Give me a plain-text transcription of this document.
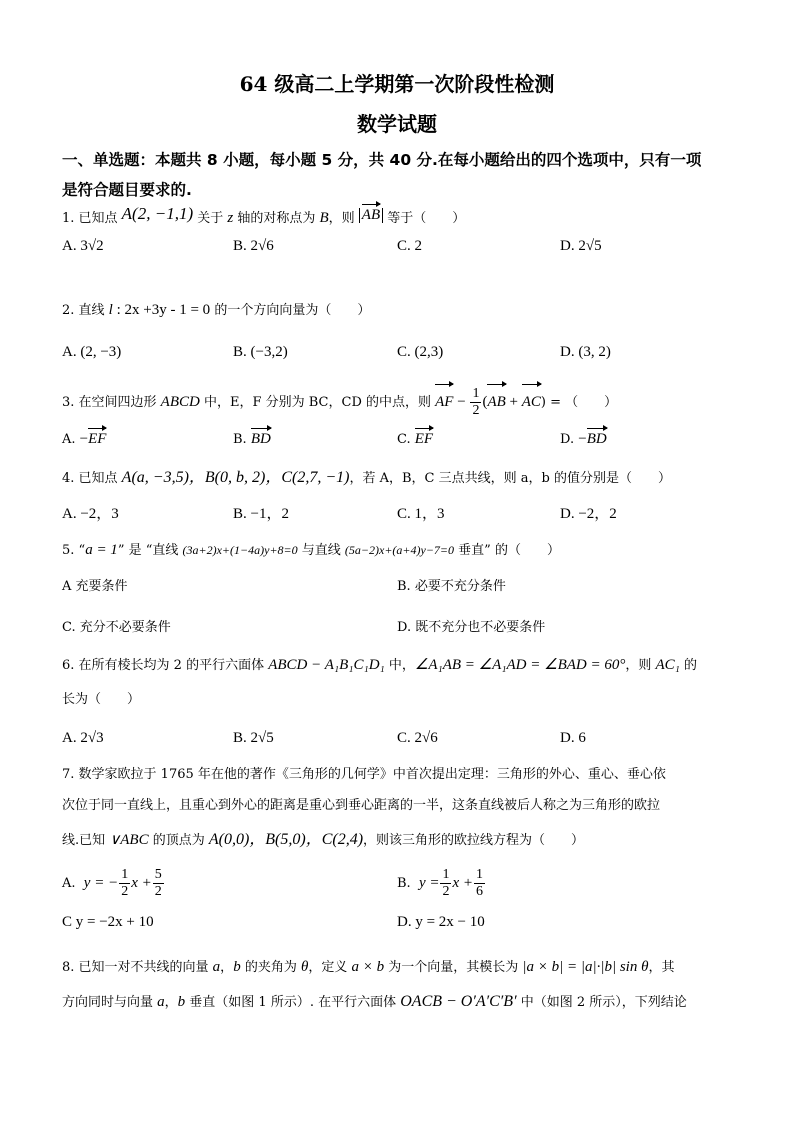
64 级高二上学期第一次阶段性检测
数学试题
一、单选题：本题共 8 小题，每小题 5 分，共 40 分.在每小题给出的四个选项中，只有一项
是符合题目要求的.
1. 已知点 A(2, −1,1) 关于 z 轴的对称点为 B，则 AB 等于（　　）
A. 3√2	B. 2√6	C. 2	D. 2√5
2. 直线 l : 2x +3y - 1 = 0 的一个方向向量为（　　）
A. (2, −3)	B. (−3,2)	C. (2,3)	D. (3, 2)
3. 在空间四边形 ABCD 中，E，F 分别为 BC，CD 的中点，则 AF − $\frac{1}{2} (AB + AC)$ = （　　）
A. −EF	B. BD	C. EF	D. −BD
4. 已知点 A(a, −3,5)，B(0, b, 2)，C(2,7, −1)，若 A，B，C 三点共线，则 a，b 的值分别是（　　）
A. −2，3	B. −1，2	C. 1，3	D. −2，2
5. “a = 1” 是 “直线 (3a+2)x+(1−4a)y+8=0 与直线 (5a−2)x+(a+4)y−7=0 垂直” 的（　　）
A 充要条件	B. 必要不充分条件
C. 充分不必要条件	D. 既不充分也不必要条件
6. 在所有棱长均为 2 的平行六面体 ABCD − A₁B₁C₁D₁ 中，∠A₁AB = ∠A₁AD = ∠BAD = 60°，则 AC₁ 的
长为（　　）
A. 2√3	B. 2√5	C. 2√6	D. 6
7. 数学家欧拉于 1765 年在他的著作《三角形的几何学》中首次提出定理：三角形的外心、重心、垂心依
次位于同一直线上，且重心到外心的距离是重心到垂心距离的一半，这条直线被后人称之为三角形的欧拉
线.已知 ∨ABC 的顶点为 A(0,0)，B(5,0)，C(2,4)，则该三角形的欧拉线方程为（　　）
A. y = − $\frac{1}{2}$ $x + \frac{5}{2}$	B. $y = \frac{1}{2}$ $x + \frac{1}{6}$
C y = −2x + 10	D. y = 2x − 10
8. 已知一对不共线的向量 a，b 的夹角为 θ，定义 a × b 为一个向量，其模长为 |a × b| = |a|·|b| sin θ，其
方向同时与向量 a，b 垂直（如图 1 所示）. 在平行六面体 OACB − O′A′C′B′ 中（如图 2 所示），下列结论
